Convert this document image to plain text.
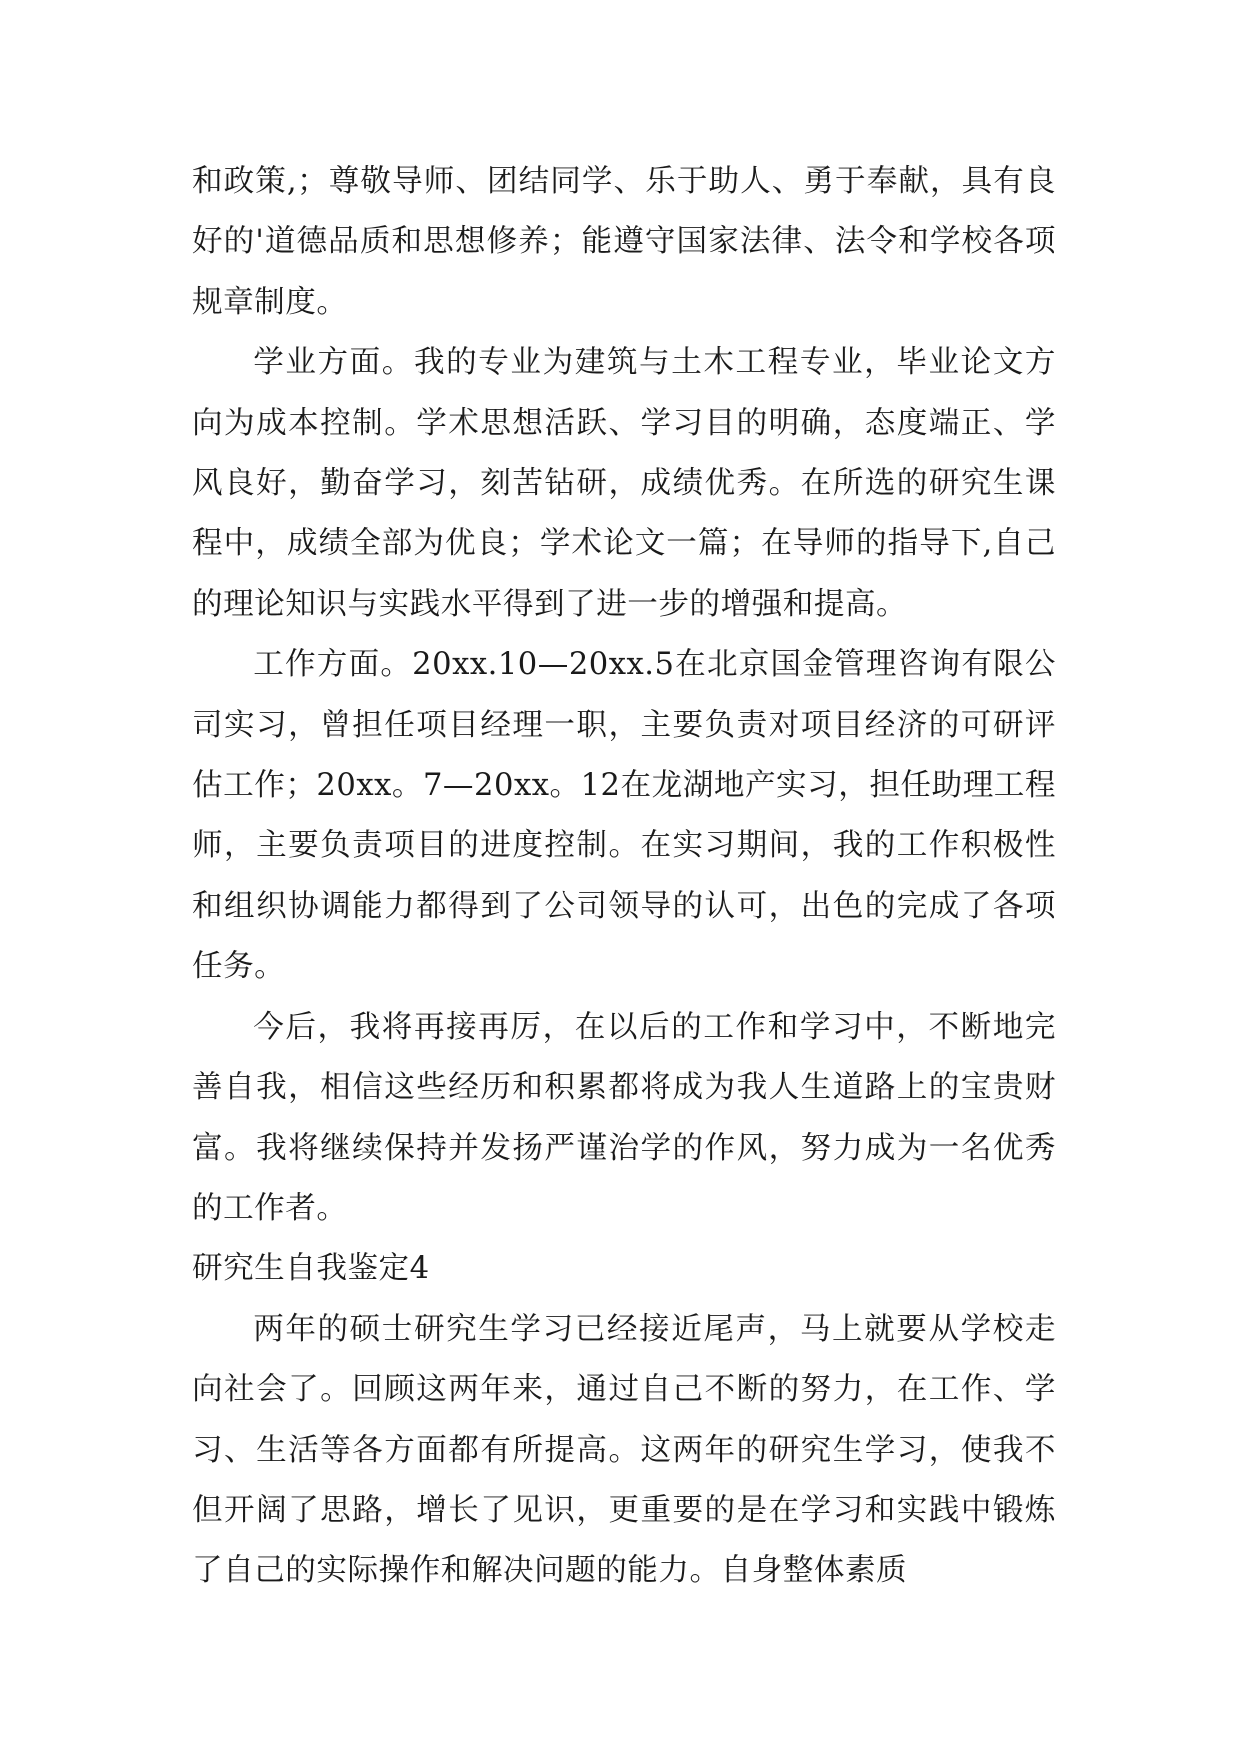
和政策,；尊敬导师、团结同学、乐于助人、勇于奉献，具有良好的'道德品质和思想修养；能遵守国家法律、法令和学校各项规章制度。

学业方面。我的专业为建筑与土木工程专业，毕业论文方向为成本控制。学术思想活跃、学习目的明确，态度端正、学风良好，勤奋学习，刻苦钻研，成绩优秀。在所选的研究生课程中，成绩全部为优良；学术论文一篇；在导师的指导下,自己的理论知识与实践水平得到了进一步的增强和提高。

工作方面。20xx.10—20xx.5在北京国金管理咨询有限公司实习，曾担任项目经理一职，主要负责对项目经济的可研评估工作；20xx。7—20xx。12在龙湖地产实习，担任助理工程师，主要负责项目的进度控制。在实习期间，我的工作积极性和组织协调能力都得到了公司领导的认可，出色的完成了各项任务。

今后，我将再接再厉，在以后的工作和学习中，不断地完善自我，相信这些经历和积累都将成为我人生道路上的宝贵财富。我将继续保持并发扬严谨治学的作风，努力成为一名优秀的工作者。

研究生自我鉴定4

两年的硕士研究生学习已经接近尾声，马上就要从学校走向社会了。回顾这两年来，通过自己不断的努力，在工作、学习、生活等各方面都有所提高。这两年的研究生学习，使我不但开阔了思路，增长了见识，更重要的是在学习和实践中锻炼了自己的实际操作和解决问题的能力。自身整体素质
